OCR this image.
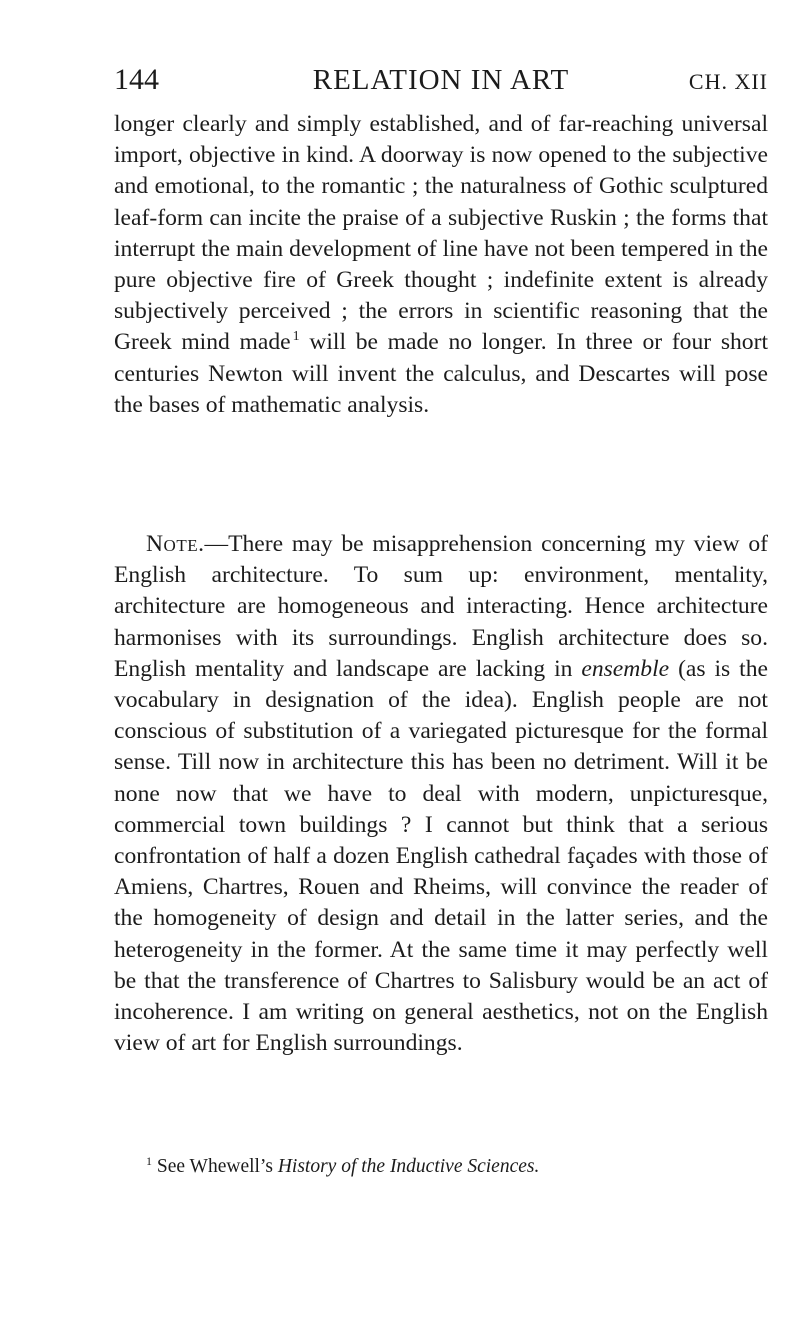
144	RELATION IN ART	CH. XII

longer clearly and simply established, and of far-reaching universal import, objective in kind. A doorway is now opened to the subjective and emotional, to the romantic ; the naturalness of Gothic sculptured leaf-form can incite the praise of a subjective Ruskin ; the forms that interrupt the main development of line have not been tempered in the pure objective fire of Greek thought ; indefinite extent is already subjectively perceived ; the errors in scientific reasoning that the Greek mind made  $^1$ will be made no longer. In three or four short centuries Newton will invent the calculus, and Descartes will pose the bases of mathematic analysis.

Note.—There may be misapprehension concerning my view of English architecture. To sum up: environment, mentality, architecture are homogeneous and interacting. Hence architecture harmonises with its surroundings. English architecture does so. English mentality and landscape are lacking in ensemble (as is the vocabulary in designation of the idea). English people are not conscious of substitution of a variegated picturesque for the formal sense. Till now in architecture this has been no detriment. Will it be none now that we have to deal with modern, unpicturesque, commercial town buildings ? I cannot but think that a serious confrontation of half a dozen English cathedral façades with those of Amiens, Chartres, Rouen and Rheims, will convince the reader of the homogeneity of design and detail in the latter series, and the heterogeneity in the former. At the same time it may perfectly well be that the transference of Chartres to Salisbury would be an act of incoherence. I am writing on general aesthetics, not on the English view of art for English surroundings.

$^1$ See Whewell’s History of the Inductive Sciences.
